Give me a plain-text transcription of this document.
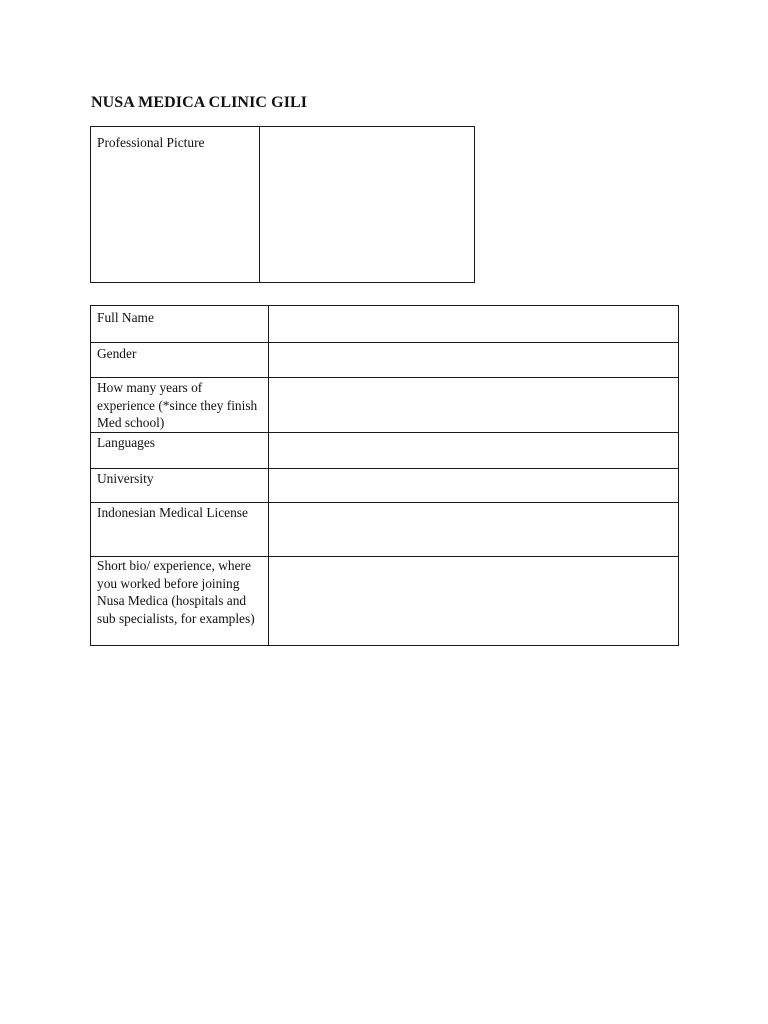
NUSA MEDICA CLINIC GILI
Professional Picture	
Full Name	
Gender	
How many years of experience (*since they finish Med school)	
Languages	
University	
Indonesian Medical License	
Short bio/ experience, where you worked before joining Nusa Medica (hospitals and sub specialists, for examples)	
